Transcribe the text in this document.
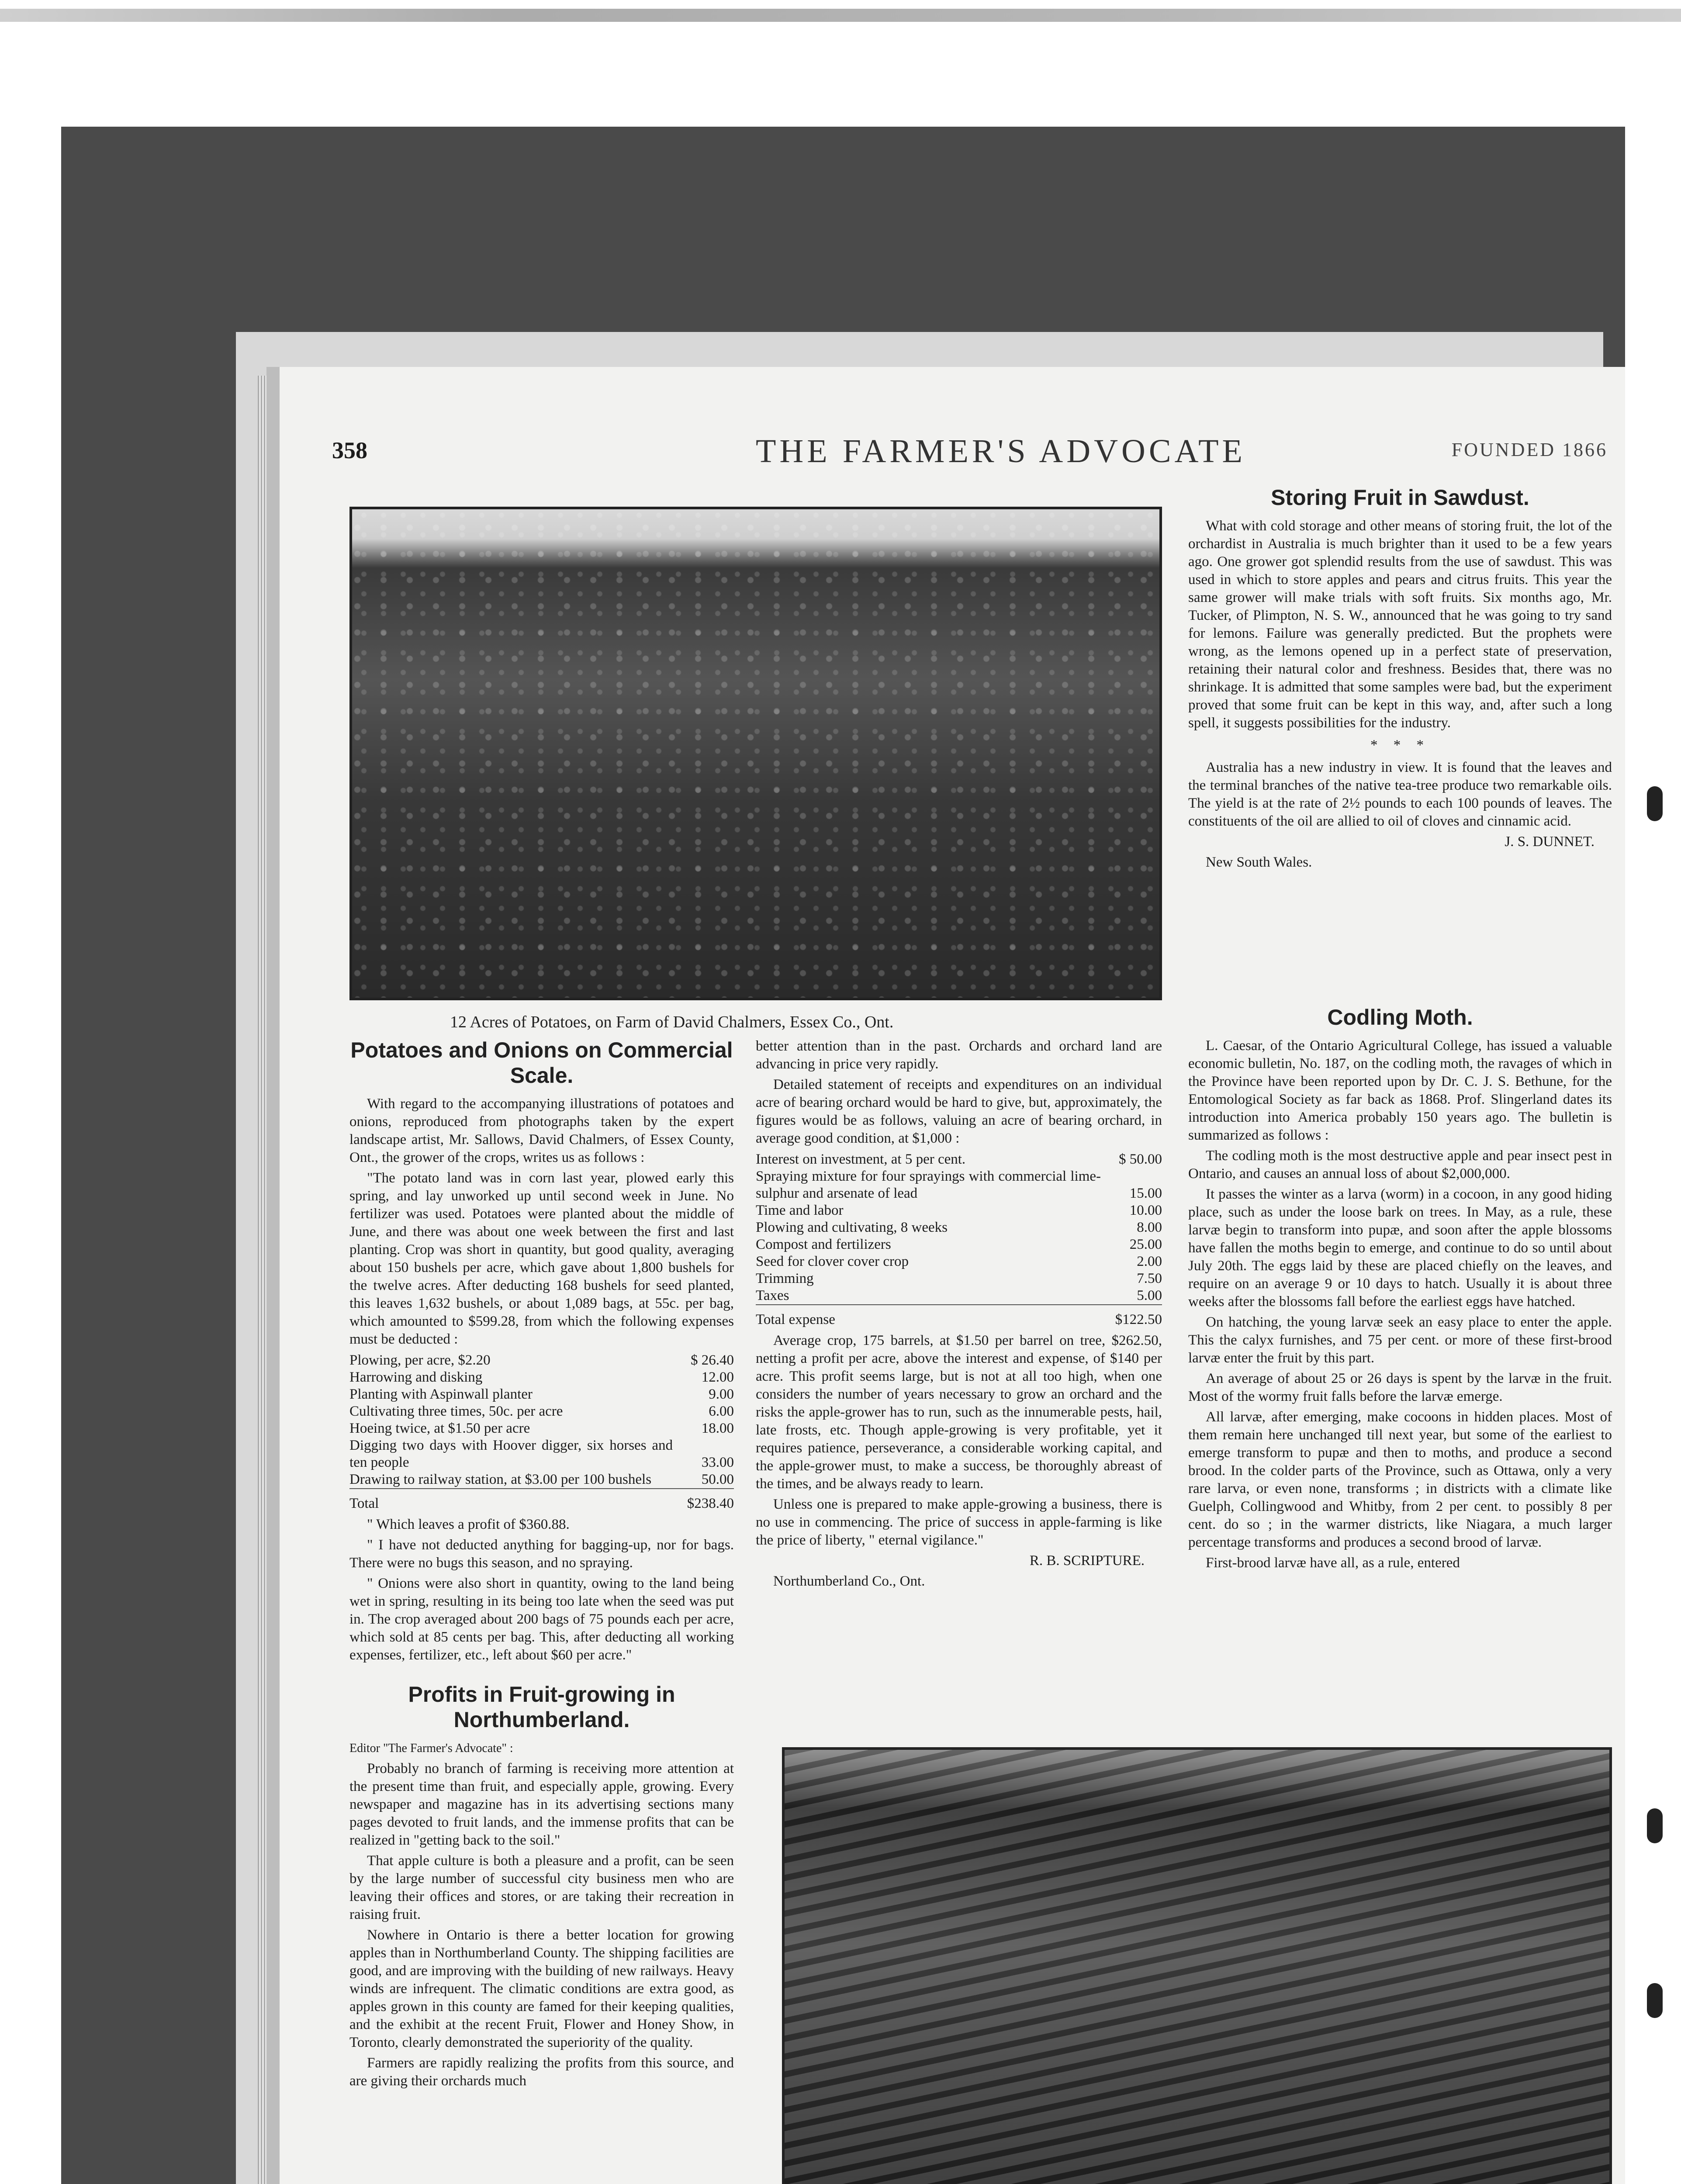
358	THE FARMER'S ADVOCATE	FOUNDED 1866
12 Acres of Potatoes, on Farm of David Chalmers, Essex Co., Ont.
Potatoes and Onions on Commercial Scale.

With regard to the accompanying illustrations of potatoes and onions, reproduced from photographs taken by the expert landscape artist, Mr. Sallows, David Chalmers, of Essex County, Ont., the grower of the crops, writes us as follows :

"The potato land was in corn last year, plowed early this spring, and lay unworked up until second week in June. No fertilizer was used. Potatoes were planted about the middle of June, and there was about one week between the first and last planting. Crop was short in quantity, but good quality, averaging about 150 bushels per acre, which gave about 1,800 bushels for the twelve acres. After deducting 168 bushels for seed planted, this leaves 1,632 bushels, or about 1,089 bags, at 55c. per bag, which amounted to $599.28, from which the following expenses must be deducted :

Plowing, per acre, $2.20	$ 26.40
Harrowing and disking	12.00
Planting with Aspinwall planter	9.00
Cultivating three times, 50c. per acre	6.00
Hoeing twice, at $1.50 per acre	18.00
Digging two days with Hoover digger, six horses and ten people	33.00
Drawing to railway station, at $3.00 per 100 bushels	50.00
Total	$238.40

" Which leaves a profit of $360.88.

" I have not deducted anything for bagging-up, nor for bags. There were no bugs this season, and no spraying.

" Onions were also short in quantity, owing to the land being wet in spring, resulting in its being too late when the seed was put in. The crop averaged about 200 bags of 75 pounds each per acre, which sold at 85 cents per bag. This, after deducting all working expenses, fertilizer, etc., left about $60 per acre."

Profits in Fruit-growing in Northumberland.

Editor "The Farmer's Advocate" :

Probably no branch of farming is receiving more attention at the present time than fruit, and especially apple, growing. Every newspaper and magazine has in its advertising sections many pages devoted to fruit lands, and the immense profits that can be realized in "getting back to the soil."

That apple culture is both a pleasure and a profit, can be seen by the large number of successful city business men who are leaving their offices and stores, or are taking their recreation in raising fruit.

Nowhere in Ontario is there a better location for growing apples than in Northumberland County. The shipping facilities are good, and are improving with the building of new railways. Heavy winds are infrequent. The climatic conditions are extra good, as apples grown in this county are famed for their keeping qualities, and the exhibit at the recent Fruit, Flower and Honey Show, in Toronto, clearly demonstrated the superiority of the quality.

Farmers are rapidly realizing the profits from this source, and are giving their orchards much

better attention than in the past. Orchards and orchard land are advancing in price very rapidly.

Detailed statement of receipts and expenditures on an individual acre of bearing orchard would be hard to give, but, approximately, the figures would be as follows, valuing an acre of bearing orchard, in average good condition, at $1,000 :

Interest on investment, at 5 per cent.	$ 50.00
Spraying mixture for four sprayings with commercial lime-sulphur and arsenate of lead	15.00
Time and labor	10.00
Plowing and cultivating, 8 weeks	8.00
Compost and fertilizers	25.00
Seed for clover cover crop	2.00
Trimming	7.50
Taxes	5.00
Total expense	$122.50

Average crop, 175 barrels, at $1.50 per barrel on tree, $262.50, netting a profit per acre, above the interest and expense, of $140 per acre. This profit seems large, but is not at all too high, when one considers the number of years necessary to grow an orchard and the risks the apple-grower has to run, such as the innumerable pests, hail, late frosts, etc. Though apple-growing is very profitable, yet it requires patience, perseverance, a considerable working capital, and the apple-grower must, to make a success, be thoroughly abreast of the times, and be always ready to learn.

Unless one is prepared to make apple-growing a business, there is no use in commencing. The price of success in apple-farming is like the price of liberty, " eternal vigilance."

R. B. SCRIPTURE.

Northumberland Co., Ont.

Storing Fruit in Sawdust.

What with cold storage and other means of storing fruit, the lot of the orchardist in Australia is much brighter than it used to be a few years ago. One grower got splendid results from the use of sawdust. This was used in which to store apples and pears and citrus fruits. This year the same grower will make trials with soft fruits. Six months ago, Mr. Tucker, of Plimpton, N. S. W., announced that he was going to try sand for lemons. Failure was generally predicted. But the prophets were wrong, as the lemons opened up in a perfect state of preservation, retaining their natural color and freshness. Besides that, there was no shrinkage. It is admitted that some samples were bad, but the experiment proved that some fruit can be kept in this way, and, after such a long spell, it suggests possibilities for the industry.

* * *

Australia has a new industry in view. It is found that the leaves and the terminal branches of the native tea-tree produce two remarkable oils. The yield is at the rate of 2½ pounds to each 100 pounds of leaves. The constituents of the oil are allied to oil of cloves and cinnamic acid.

J. S. DUNNET.

New South Wales.

Codling Moth.

L. Caesar, of the Ontario Agricultural College, has issued a valuable economic bulletin, No. 187, on the codling moth, the ravages of which in the Province have been reported upon by Dr. C. J. S. Bethune, for the Entomological Society as far back as 1868. Prof. Slingerland dates its introduction into America probably 150 years ago. The bulletin is summarized as follows :

The codling moth is the most destructive apple and pear insect pest in Ontario, and causes an annual loss of about $2,000,000.

It passes the winter as a larva (worm) in a cocoon, in any good hiding place, such as under the loose bark on trees. In May, as a rule, these larvæ begin to transform into pupæ, and soon after the apple blossoms have fallen the moths begin to emerge, and continue to do so until about July 20th. The eggs laid by these are placed chiefly on the leaves, and require on an average 9 or 10 days to hatch. Usually it is about three weeks after the blossoms fall before the earliest eggs have hatched.

On hatching, the young larvæ seek an easy place to enter the apple. This the calyx furnishes, and 75 per cent. or more of these first-brood larvæ enter the fruit by this part.

An average of about 25 or 26 days is spent by the larvæ in the fruit. Most of the wormy fruit falls before the larvæ emerge.

All larvæ, after emerging, make cocoons in hidden places. Most of them remain here unchanged till next year, but some of the earliest to emerge transform to pupæ and then to moths, and produce a second brood. In the colder parts of the Province, such as Ottawa, only a very rare larva, or even none, transforms ; in districts with a climate like Guelph, Collingwood and Whitby, from 2 per cent. to possibly 8 per cent. do so ; in the warmer districts, like Niagara, a much larger percentage transforms and produces a second brood of larvæ.

First-brood larvæ have all, as a rule, entered
